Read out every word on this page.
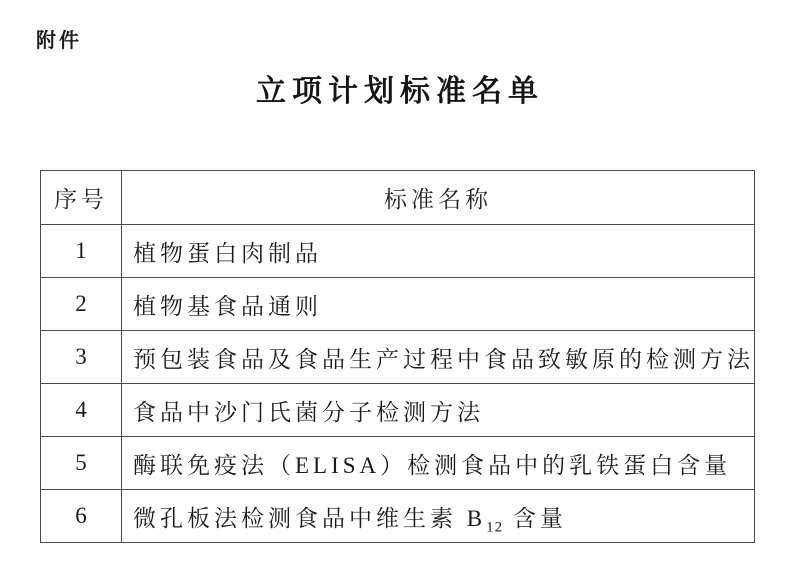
附件
立项计划标准名单
序号	标准名称
1	植物蛋白肉制品
2	植物基食品通则
3	预包装食品及食品生产过程中食品致敏原的检测方法
4	食品中沙门氏菌分子检测方法
5	酶联免疫法（ELISA）检测食品中的乳铁蛋白含量
6	微孔板法检测食品中维生素 $B_{12}$ 含量
